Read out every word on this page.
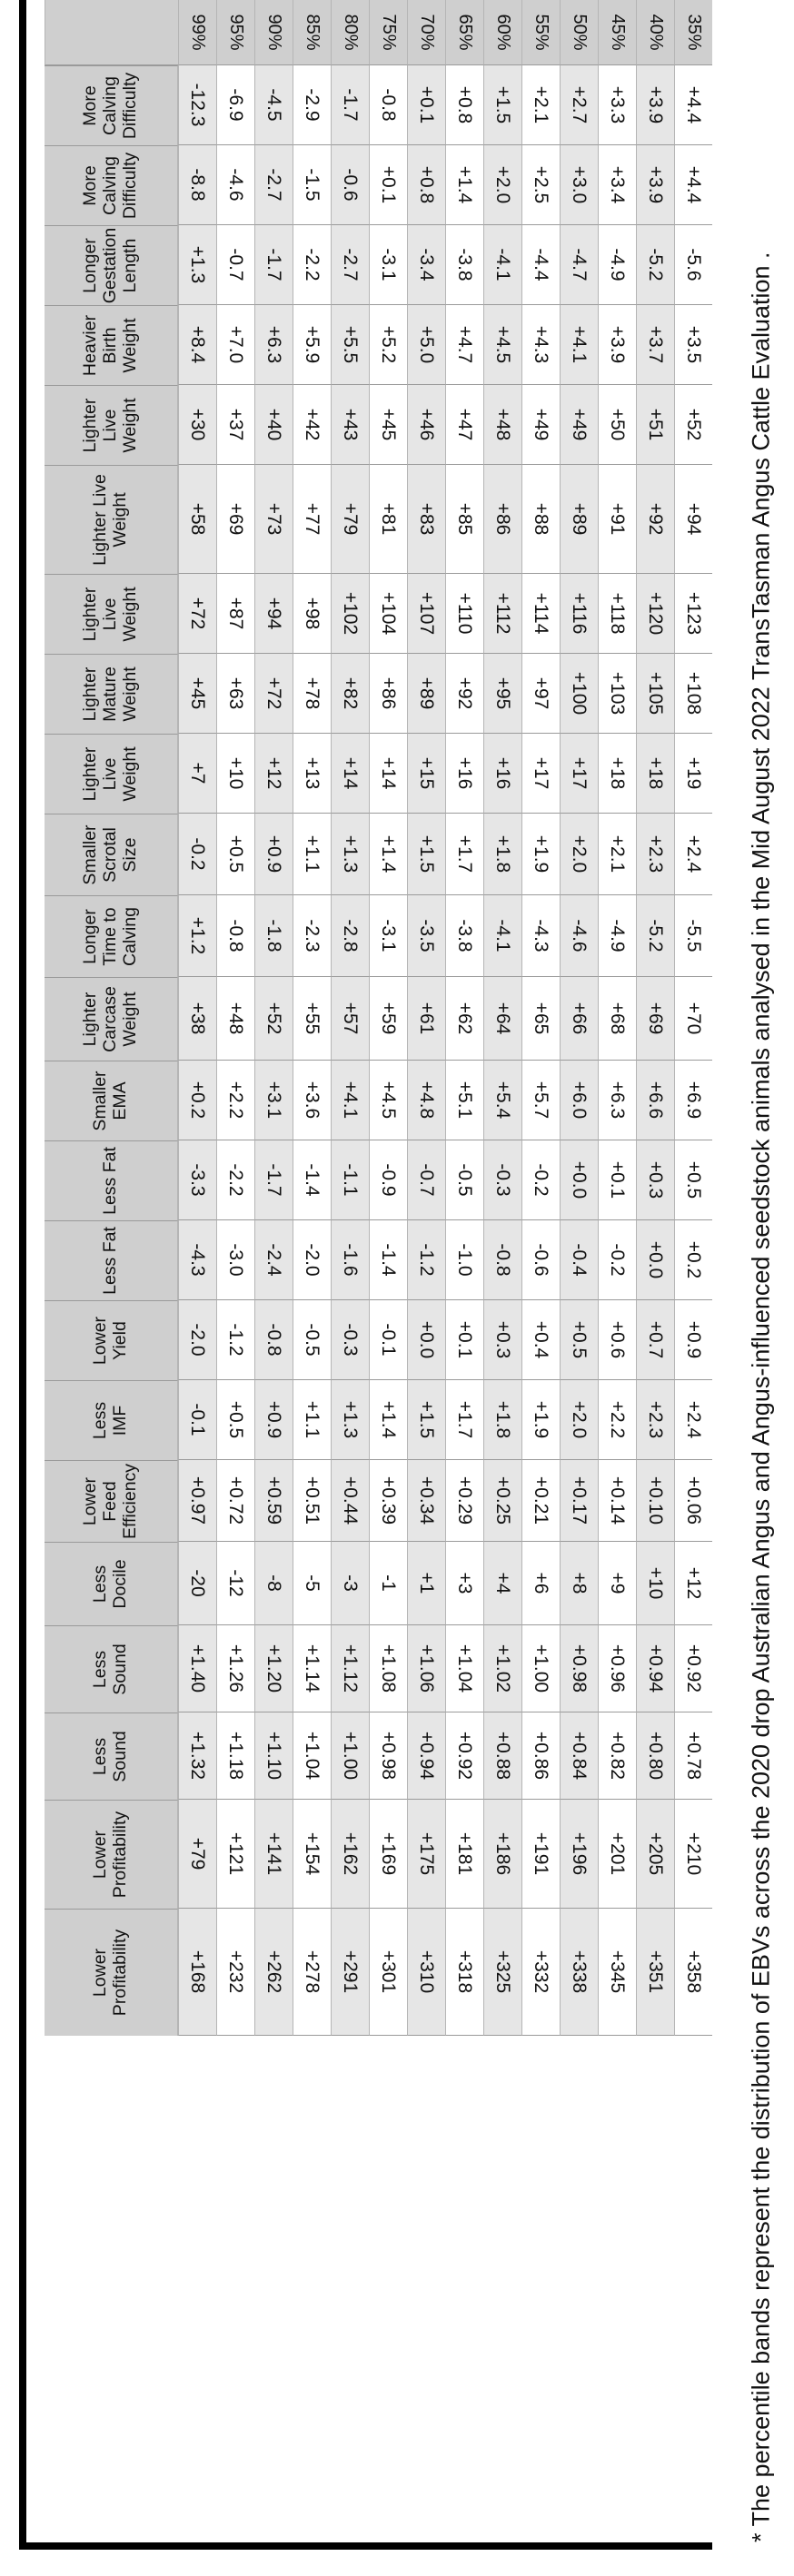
35%
+4.4
+4.4
-5.6
+3.5
+52
+94
+123
+108
+19
+2.4
-5.5
+70
+6.9
+0.5
+0.2
+0.9
+2.4
+0.06
+12
+0.92
+0.78
+210
+358
40%
+3.9
+3.9
-5.2
+3.7
+51
+92
+120
+105
+18
+2.3
-5.2
+69
+6.6
+0.3
+0.0
+0.7
+2.3
+0.10
+10
+0.94
+0.80
+205
+351
45%
+3.3
+3.4
-4.9
+3.9
+50
+91
+118
+103
+18
+2.1
-4.9
+68
+6.3
+0.1
-0.2
+0.6
+2.2
+0.14
+9
+0.96
+0.82
+201
+345
50%
+2.7
+3.0
-4.7
+4.1
+49
+89
+116
+100
+17
+2.0
-4.6
+66
+6.0
+0.0
-0.4
+0.5
+2.0
+0.17
+8
+0.98
+0.84
+196
+338
55%
+2.1
+2.5
-4.4
+4.3
+49
+88
+114
+97
+17
+1.9
-4.3
+65
+5.7
-0.2
-0.6
+0.4
+1.9
+0.21
+6
+1.00
+0.86
+191
+332
60%
+1.5
+2.0
-4.1
+4.5
+48
+86
+112
+95
+16
+1.8
-4.1
+64
+5.4
-0.3
-0.8
+0.3
+1.8
+0.25
+4
+1.02
+0.88
+186
+325
65%
+0.8
+1.4
-3.8
+4.7
+47
+85
+110
+92
+16
+1.7
-3.8
+62
+5.1
-0.5
-1.0
+0.1
+1.7
+0.29
+3
+1.04
+0.92
+181
+318
70%
+0.1
+0.8
-3.4
+5.0
+46
+83
+107
+89
+15
+1.5
-3.5
+61
+4.8
-0.7
-1.2
+0.0
+1.5
+0.34
+1
+1.06
+0.94
+175
+310
75%
-0.8
+0.1
-3.1
+5.2
+45
+81
+104
+86
+14
+1.4
-3.1
+59
+4.5
-0.9
-1.4
-0.1
+1.4
+0.39
-1
+1.08
+0.98
+169
+301
80%
-1.7
-0.6
-2.7
+5.5
+43
+79
+102
+82
+14
+1.3
-2.8
+57
+4.1
-1.1
-1.6
-0.3
+1.3
+0.44
-3
+1.12
+1.00
+162
+291
85%
-2.9
-1.5
-2.2
+5.9
+42
+77
+98
+78
+13
+1.1
-2.3
+55
+3.6
-1.4
-2.0
-0.5
+1.1
+0.51
-5
+1.14
+1.04
+154
+278
90%
-4.5
-2.7
-1.7
+6.3
+40
+73
+94
+72
+12
+0.9
-1.8
+52
+3.1
-1.7
-2.4
-0.8
+0.9
+0.59
-8
+1.20
+1.10
+141
+262
95%
-6.9
-4.6
-0.7
+7.0
+37
+69
+87
+63
+10
+0.5
-0.8
+48
+2.2
-2.2
-3.0
-1.2
+0.5
+0.72
-12
+1.26
+1.18
+121
+232
99%
-12.3
-8.8
+1.3
+8.4
+30
+58
+72
+45
+7
-0.2
+1.2
+38
+0.2
-3.3
-4.3
-2.0
-0.1
+0.97
-20
+1.40
+1.32
+79
+168
More Calving Difficulty
More Calving Difficulty
Longer Gestation Length
Heavier Birth Weight
Lighter Live Weight
Lighter Live Weight
Lighter Live Weight
Lighter Mature Weight
Lighter Live Weight
Smaller Scrotal Size
Longer Time to Calving
Lighter Carcase Weight
Smaller EMA
Less Fat
Less Fat
Lower Yield
Less IMF
Lower Feed Efficiency
Less Docile
Less Sound
Less Sound
Lower Profitability
Lower Profitability	* The percentile bands represent the distribution of EBVs across the 2020 drop Australian Angus and Angus-influenced seedstock animals analysed in the Mid August 2022 TransTasman Angus Cattle Evaluation .
